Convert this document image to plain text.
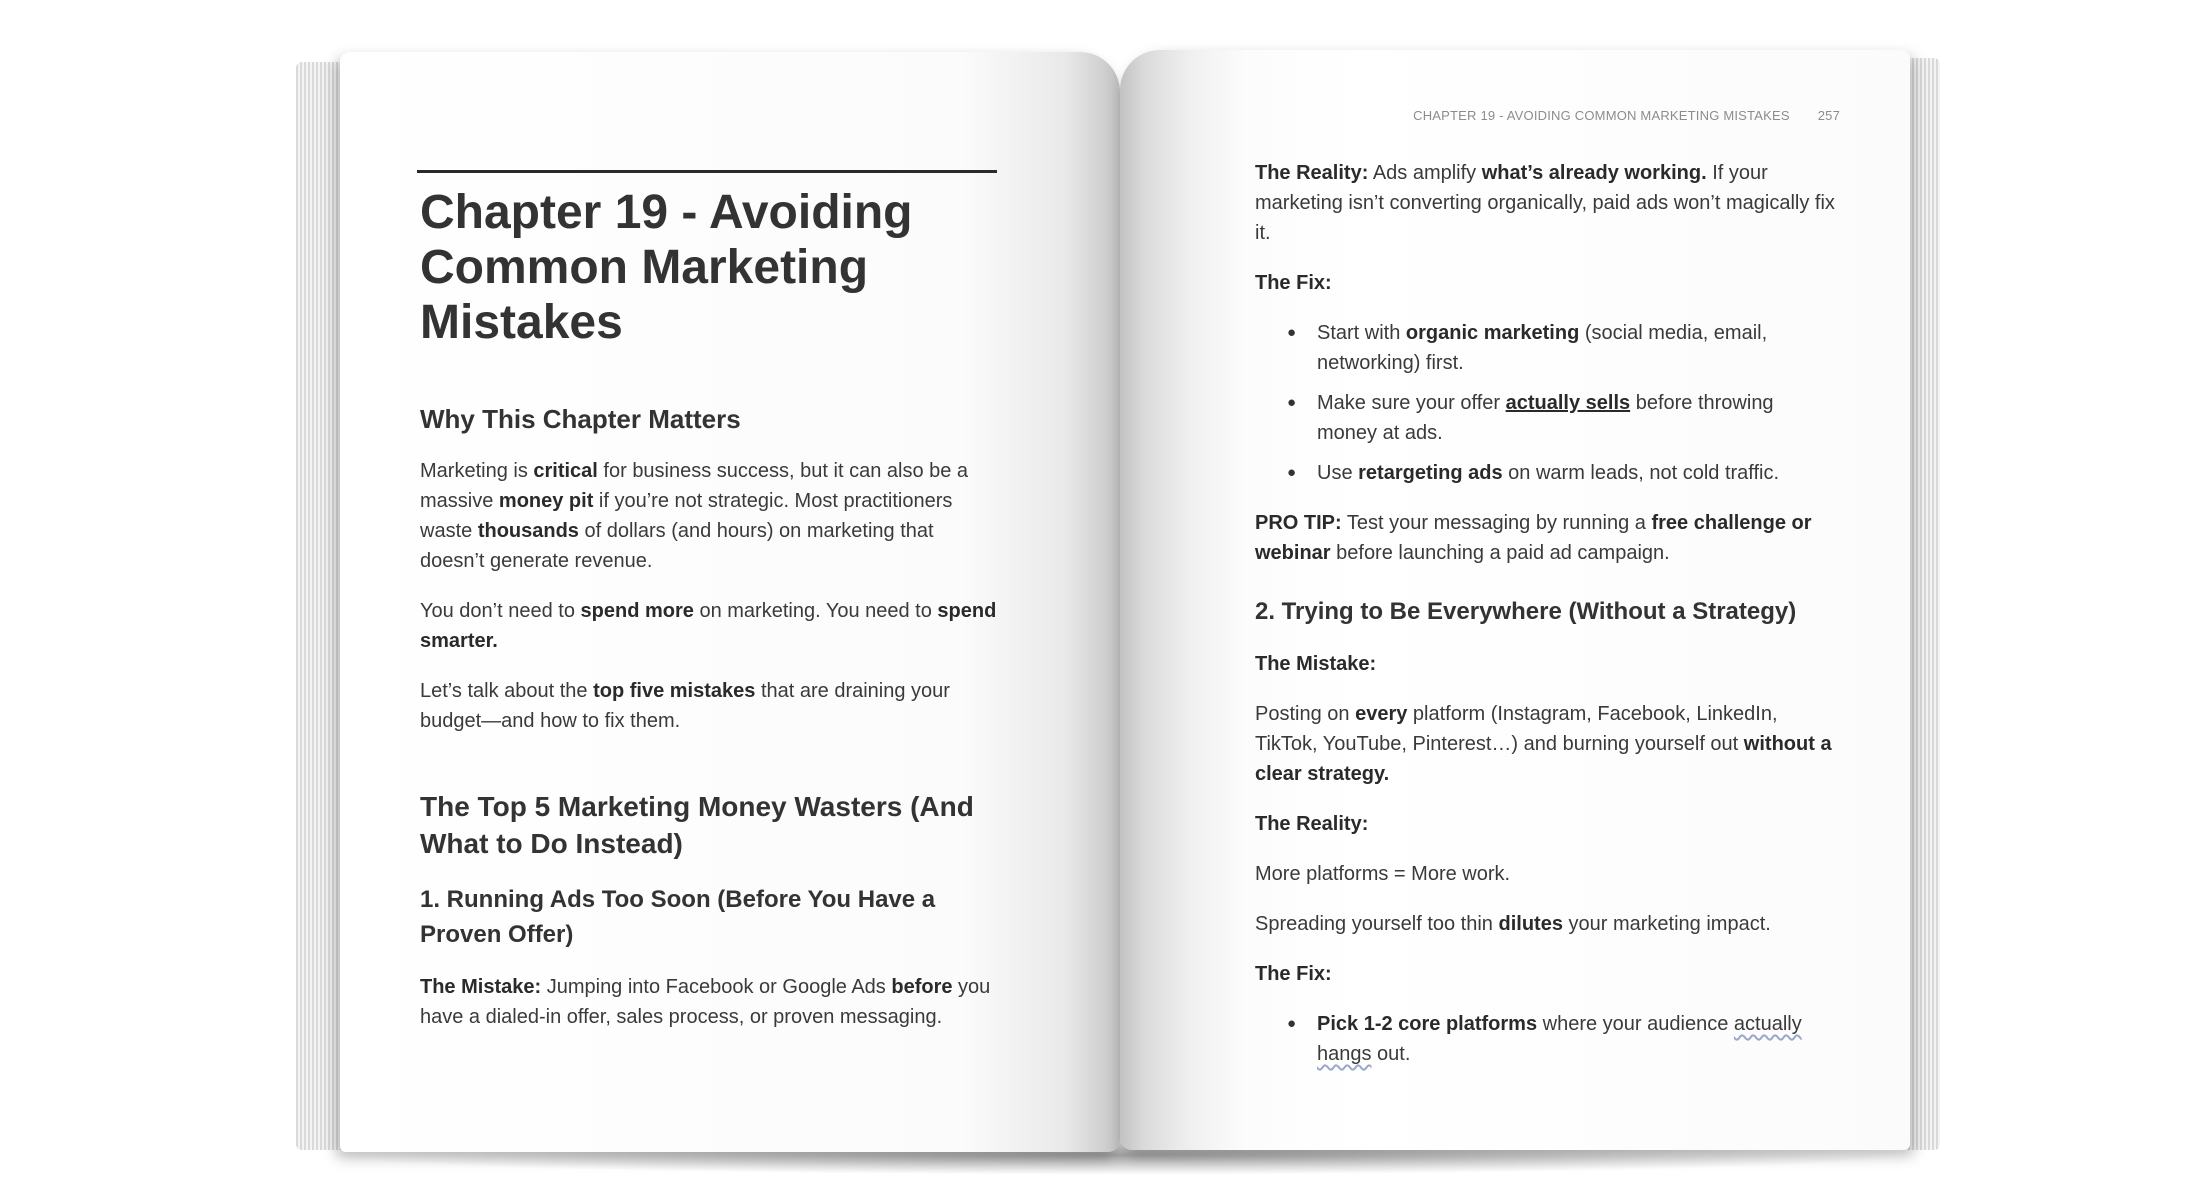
Chapter 19 - Avoiding Common Marketing Mistakes
Why This Chapter Matters

Marketing is critical for business success, but it can also be a massive money pit if you’re not strategic. Most practitioners waste thousands of dollars (and hours) on marketing that doesn’t generate revenue.

You don’t need to spend more on marketing. You need to spend smarter.

Let’s talk about the top five mistakes that are draining your budget—and how to fix them.

The Top 5 Marketing Money Wasters (And What to Do Instead)
1. Running Ads Too Soon (Before You Have a Proven Offer)

The Mistake: Jumping into Facebook or Google Ads before you have a dialed-in offer, sales process, or proven messaging.

CHAPTER 19 - AVOIDING COMMON MARKETING MISTAKES 257

The Reality: Ads amplify what’s already working. If your marketing isn’t converting organically, paid ads won’t magically fix it.

The Fix:

● Start with organic marketing (social media, email, networking) first.
● Make sure your offer actually sells before throwing money at ads.
● Use retargeting ads on warm leads, not cold traffic.

PRO TIP: Test your messaging by running a free challenge or webinar before launching a paid ad campaign.

2. Trying to Be Everywhere (Without a Strategy)

The Mistake:

Posting on every platform (Instagram, Facebook, LinkedIn, TikTok, YouTube, Pinterest…) and burning yourself out without a clear strategy.

The Reality:

More platforms = More work.

Spreading yourself too thin dilutes your marketing impact.

The Fix:

● Pick 1-2 core platforms where your audience actually hangs out.
